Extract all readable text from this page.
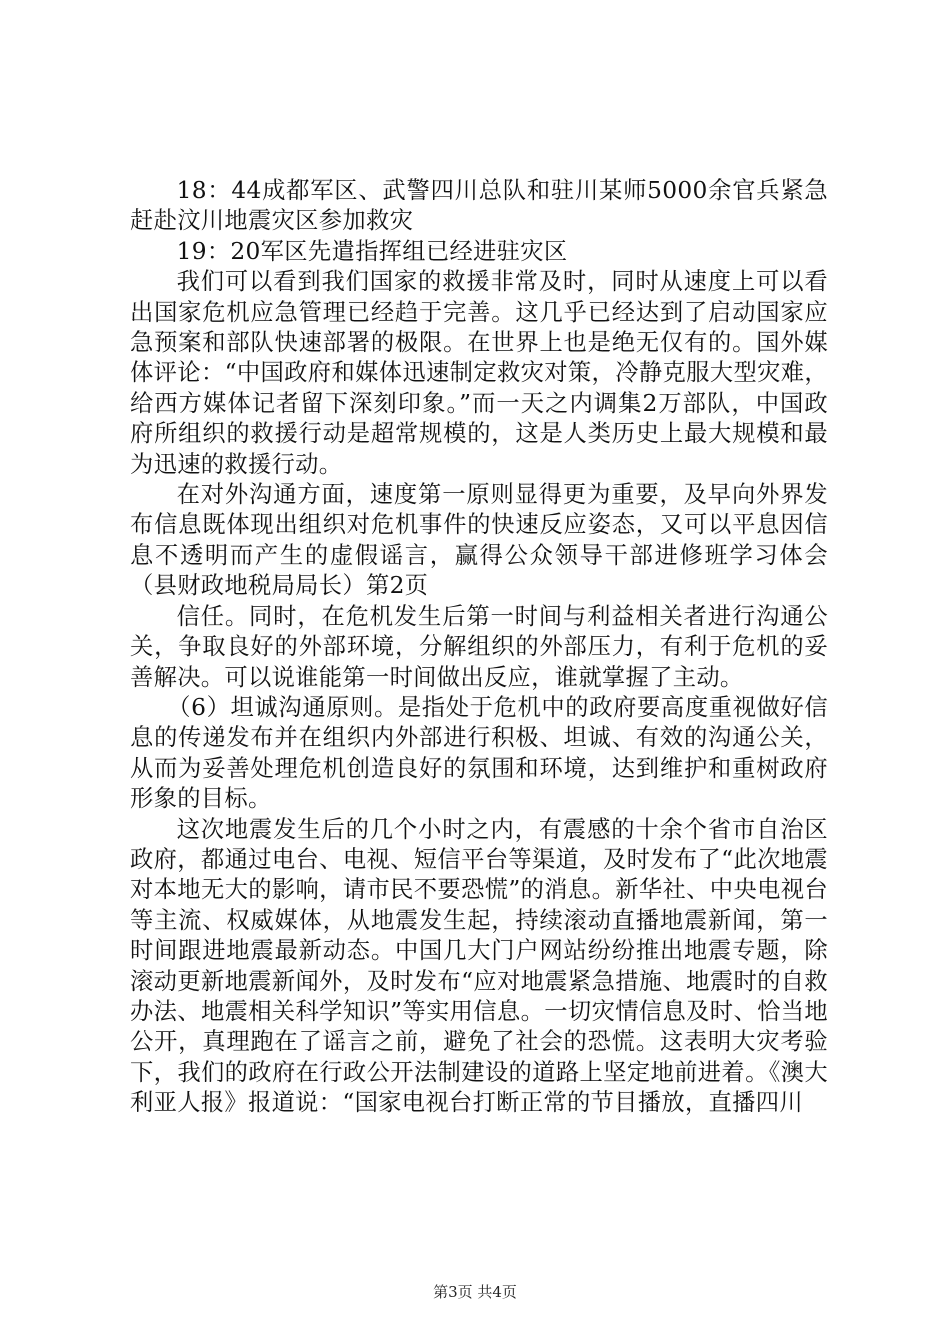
18：44成都军区、武警四川总队和驻川某师5000余官兵紧急赶赴汶川地震灾区参加救灾

19：20军区先遣指挥组已经进驻灾区

我们可以看到我们国家的救援非常及时，同时从速度上可以看出国家危机应急管理已经趋于完善。这几乎已经达到了启动国家应急预案和部队快速部署的极限。在世界上也是绝无仅有的。国外媒体评论：“中国政府和媒体迅速制定救灾对策，冷静克服大型灾难，给西方媒体记者留下深刻印象。”而一天之内调集2万部队，中国政府所组织的救援行动是超常规模的，这是人类历史上最大规模和最为迅速的救援行动。

在对外沟通方面，速度第一原则显得更为重要，及早向外界发布信息既体现出组织对危机事件的快速反应姿态，又可以平息因信息不透明而产生的虚假谣言，赢得公众领导干部进修班学习体会（县财政地税局局长）第2页

信任。同时，在危机发生后第一时间与利益相关者进行沟通公关，争取良好的外部环境，分解组织的外部压力，有利于危机的妥善解决。可以说谁能第一时间做出反应，谁就掌握了主动。

（6）坦诚沟通原则。是指处于危机中的政府要高度重视做好信息的传递发布并在组织内外部进行积极、坦诚、有效的沟通公关，从而为妥善处理危机创造良好的氛围和环境，达到维护和重树政府形象的目标。

这次地震发生后的几个小时之内，有震感的十余个省市自治区政府，都通过电台、电视、短信平台等渠道，及时发布了“此次地震对本地无大的影响，请市民不要恐慌”的消息。新华社、中央电视台等主流、权威媒体，从地震发生起，持续滚动直播地震新闻，第一时间跟进地震最新动态。中国几大门户网站纷纷推出地震专题，除滚动更新地震新闻外，及时发布“应对地震紧急措施、地震时的自救办法、地震相关科学知识”等实用信息。一切灾情信息及时、恰当地公开，真理跑在了谣言之前，避免了社会的恐慌。这表明大灾考验下，我们的政府在行政公开法制建设的道路上坚定地前进着。《澳大利亚人报》报道说：“国家电视台打断正常的节目播放，直播四川

第3页 共4页
